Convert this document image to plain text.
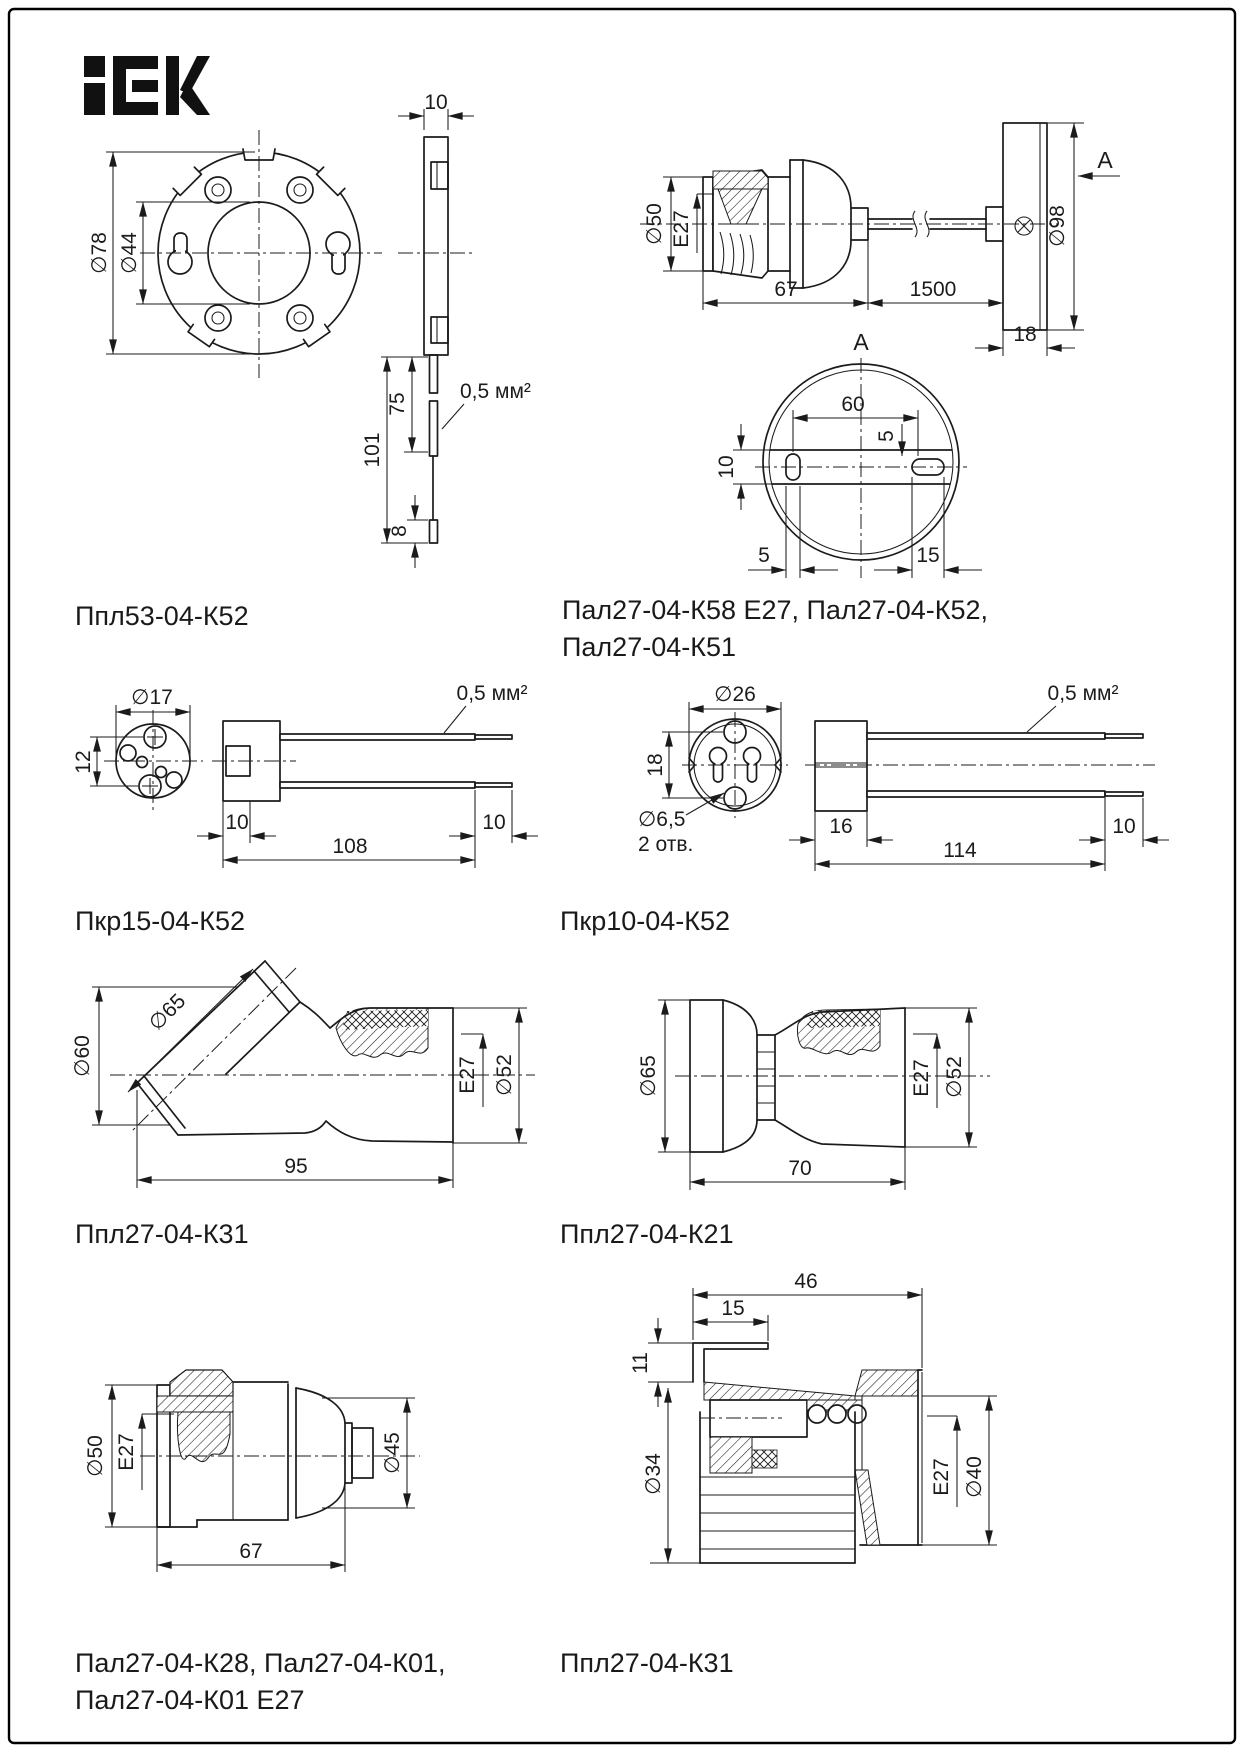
∅78 ∅44
10
75
101
8
0,5 мм²
∅50 E27
67	1500
∅98
A
18
A
60
5
10
5	15
∅17
12
10	10
108
0,5 мм²	∅26
18
∅6,5
2 отв.
16	10
114
0,5 мм²
∅60
∅65
E27 ∅52
95
∅65	E27 ∅52
70
∅50 E27	∅45
67
46
15
11
∅34	E27 ∅40
Ппл53-04-К52	Пал27-04-К58 Е27, Пал27-04-К52,
Пал27-04-К51
Пкр15-04-К52	Пкр10-04-К52
Ппл27-04-К31	Ппл27-04-К21
Пал27-04-К28, Пал27-04-К01,
Пал27-04-К01 Е27
Ппл27-04-К31
